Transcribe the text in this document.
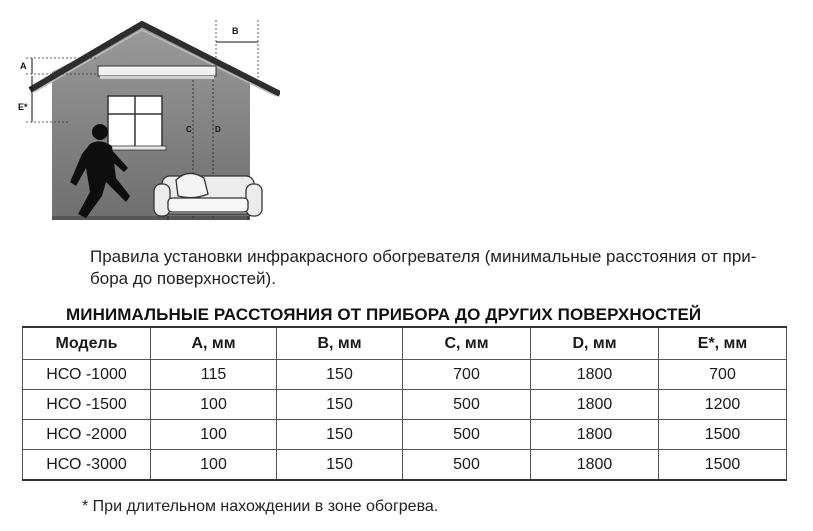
A
E*
B
C	D
Правила установки инфракрасного обогревателя (минимальные расстояния от при-
бора до поверхностей).
МИНИМАЛЬНЫЕ РАССТОЯНИЯ ОТ ПРИБОРА ДО ДРУГИХ ПОВЕРХНОСТЕЙ
Модель	А, мм	В, мм	С, мм	D, мм	Е*, мм
НСО -1000	115	150	700	1800	700
НСО -1500	100	150	500	1800	1200
НСО -2000	100	150	500	1800	1500
НСО -3000	100	150	500	1800	1500
* При длительном нахождении в зоне обогрева.
